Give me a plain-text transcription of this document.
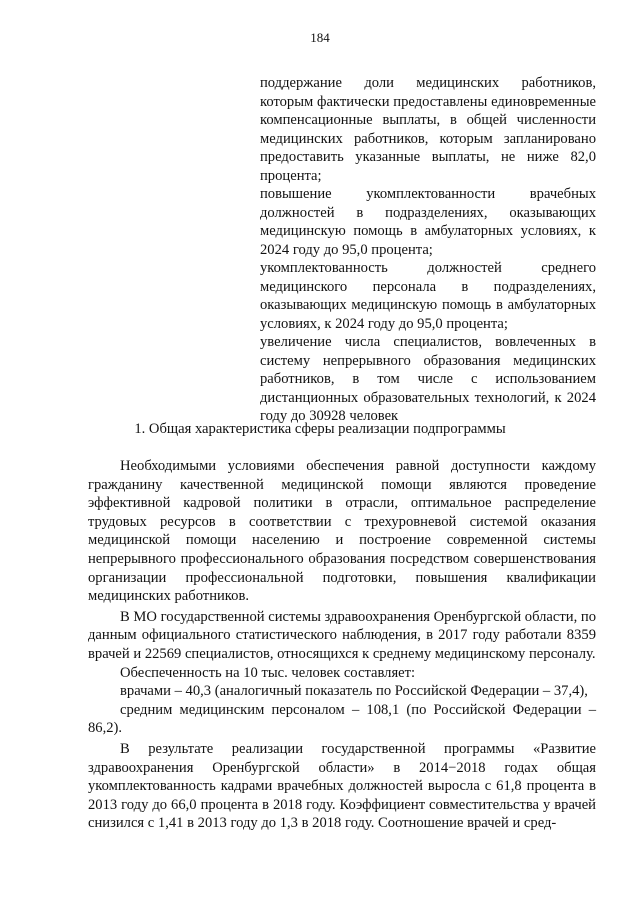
184

поддержание доли медицинских работников, которым фактически предоставлены единовременные компенсационные выплаты, в общей численности медицинских работников, которым запланировано предоставить указанные выплаты, не ниже 82,0 процента;

повышение укомплектованности врачебных должностей в подразделениях, оказывающих медицинскую помощь в амбулаторных условиях, к 2024 году до 95,0 процента;

укомплектованность должностей среднего медицинского персонала в подразделениях, оказывающих медицинскую помощь в амбулаторных условиях, к 2024 году до 95,0 процента;

увеличение числа специалистов, вовлеченных в систему непрерывного образования медицинских работников, в том числе с использованием дистанционных образовательных технологий, к 2024 году до 30928 человек

1. Общая характеристика сферы реализации подпрограммы

Необходимыми условиями обеспечения равной доступности каждому гражданину качественной медицинской помощи являются проведение эффективной кадровой политики в отрасли, оптимальное распределение трудовых ресурсов в соответствии с трехуровневой системой оказания медицинской помощи населению и построение современной системы непрерывного профессионального образования посредством совершенствования организации профессиональной подготовки, повышения квалификации медицинских работников.

В МО государственной системы здравоохранения Оренбургской области, по данным официального статистического наблюдения, в 2017 году работали 8359 врачей и 22569 специалистов, относящихся к среднему медицинскому персоналу.

Обеспеченность на 10 тыс. человек составляет:

врачами – 40,3 (аналогичный показатель по Российской Федерации – 37,4),

средним медицинским персоналом – 108,1 (по Российской Федерации – 86,2).

В результате реализации государственной программы «Развитие здравоохранения Оренбургской области» в 2014−2018 годах общая укомплектованность кадрами врачебных должностей выросла с 61,8 процента в 2013 году до 66,0 процента в 2018 году. Коэффициент совместительства у врачей снизился с 1,41 в 2013 году до 1,3 в 2018 году. Соотношение врачей и сред-
